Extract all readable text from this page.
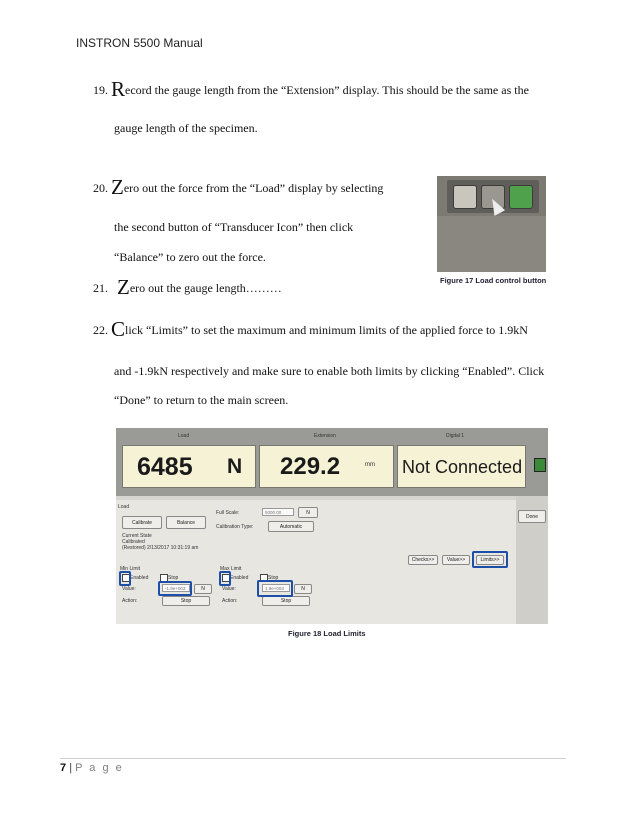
INSTRON 5500 Manual
19. Record the gauge length from the “Extension” display. This should be the same as the
gauge length of the specimen.
20. Zero out the force from the “Load” display by selecting
the second button of “Transducer Icon” then click
“Balance” to zero out the force.
21. Zero out the gauge length………
22. Click “Limits” to set the maximum and minimum limits of the applied force to 1.9kN
and -1.9kN respectively and make sure to enable both limits by clicking “Enabled”. Click
“Done” to return to the main screen.
Figure 17 Load control button
Load	Extension	Digital 1
6485 N 229.2	mm Not Connected
Load
Calibrate	Balance
Full Scale:	5000.00	N
Calibration Type:	Automatic
Current State
Calibrated
(Restored) 2/13/2017 10:31:19 am
Min Limit
Enabled	Stop
Value:	-1.9e+003	N
Action:	Stop
Max Limit
Enabled	Stop
Value:	1.9e+003	N
Action:	Stop
Checks>>	Value>>	Limits>>
Done
Figure 18 Load Limits
7 | P a g e
